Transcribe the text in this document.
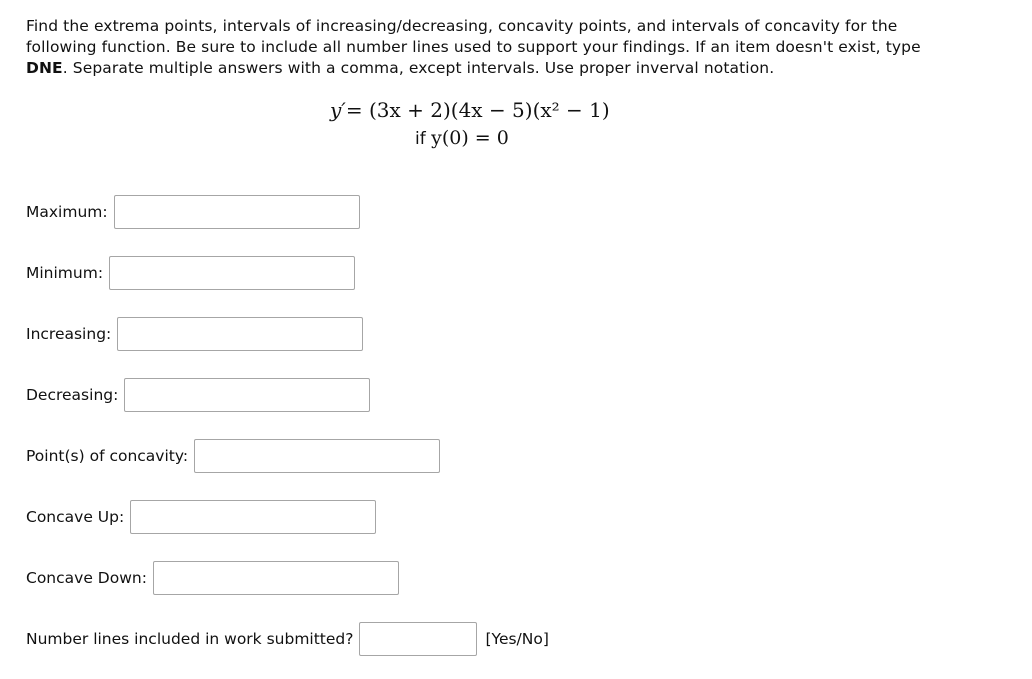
Find the extrema points, intervals of increasing/decreasing, concavity points, and intervals of concavity for the following function. Be sure to include all number lines used to support your findings. If an item doesn't exist, type DNE. Separate multiple answers with a comma, except intervals. Use proper inverval notation.
y′= (3x + 2)(4x − 5)(x² − 1)
if y(0) = 0
Maximum:
Minimum:
Increasing:
Decreasing:
Point(s) of concavity:
Concave Up:
Concave Down:
Number lines included in work submitted?	[Yes/No]
